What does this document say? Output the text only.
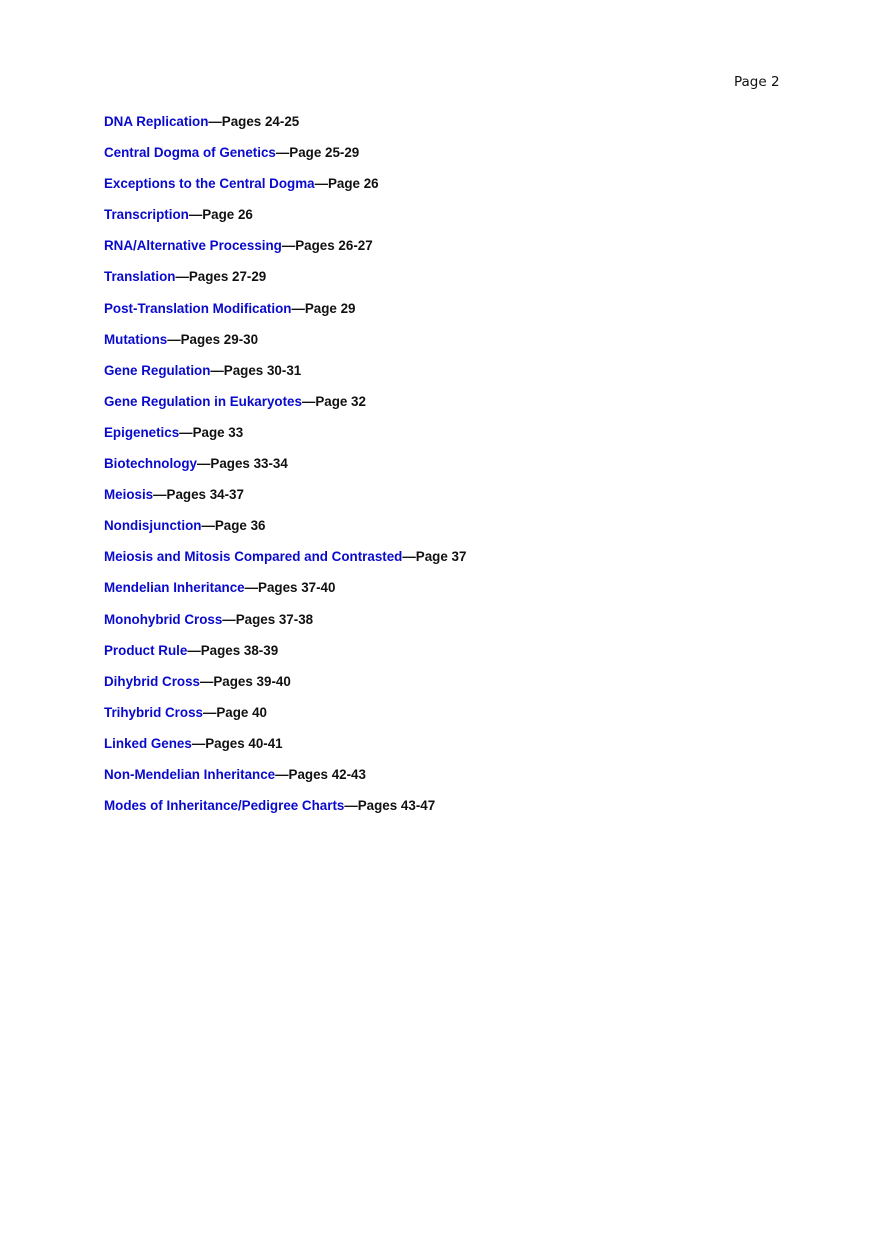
Page 2
DNA Replication—Pages 24-25
Central Dogma of Genetics—Page 25-29
Exceptions to the Central Dogma—Page 26
Transcription—Page 26
RNA/Alternative Processing—Pages 26-27
Translation—Pages 27-29
Post-Translation Modification—Page 29
Mutations—Pages 29-30
Gene Regulation—Pages 30-31
Gene Regulation in Eukaryotes—Page 32
Epigenetics—Page 33
Biotechnology—Pages 33-34
Meiosis—Pages 34-37
Nondisjunction—Page 36
Meiosis and Mitosis Compared and Contrasted—Page 37
Mendelian Inheritance—Pages 37-40
Monohybrid Cross—Pages 37-38
Product Rule—Pages 38-39
Dihybrid Cross—Pages 39-40
Trihybrid Cross—Page 40
Linked Genes—Pages 40-41
Non-Mendelian Inheritance—Pages 42-43
Modes of Inheritance/Pedigree Charts—Pages 43-47
